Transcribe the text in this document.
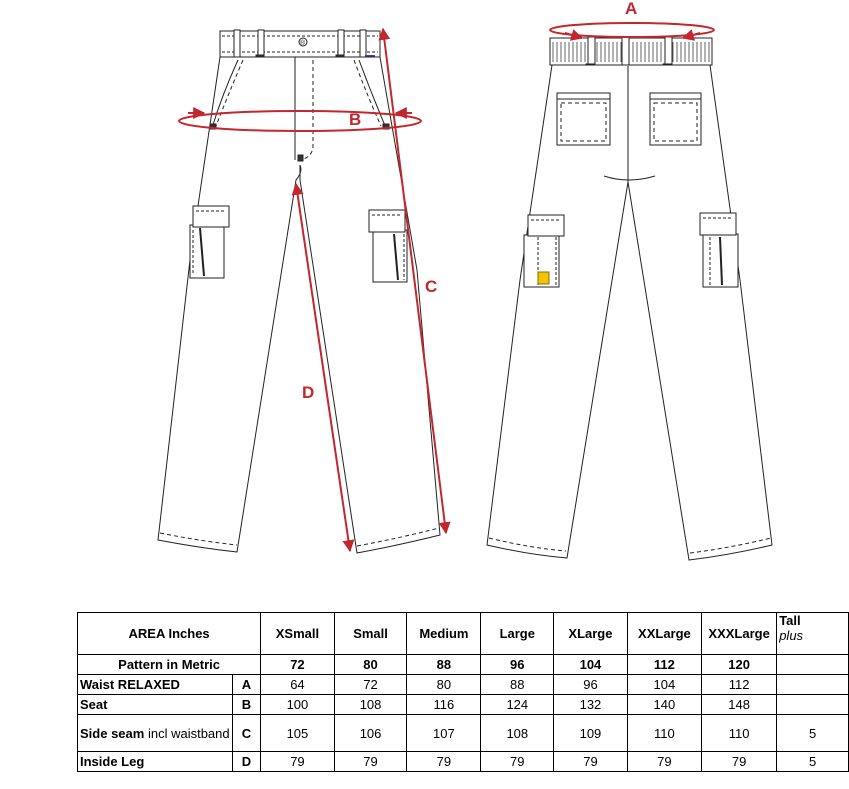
®
A
B
C
D
AREA Inches		XSmall	Small	Medium	Large	XLarge	XXLarge	XXXLarge	Tall
plus

Pattern in Metric		72	80	88	96	104	112	120	
Waist RELAXED	A	64	72	80	88	96	104	112	
Seat	B	100	108	116	124	132	140	148	
Side seam incl waistband	C	105	106	107	108	109	110	110	5
Inside Leg	D	79	79	79	79	79	79	79	5
